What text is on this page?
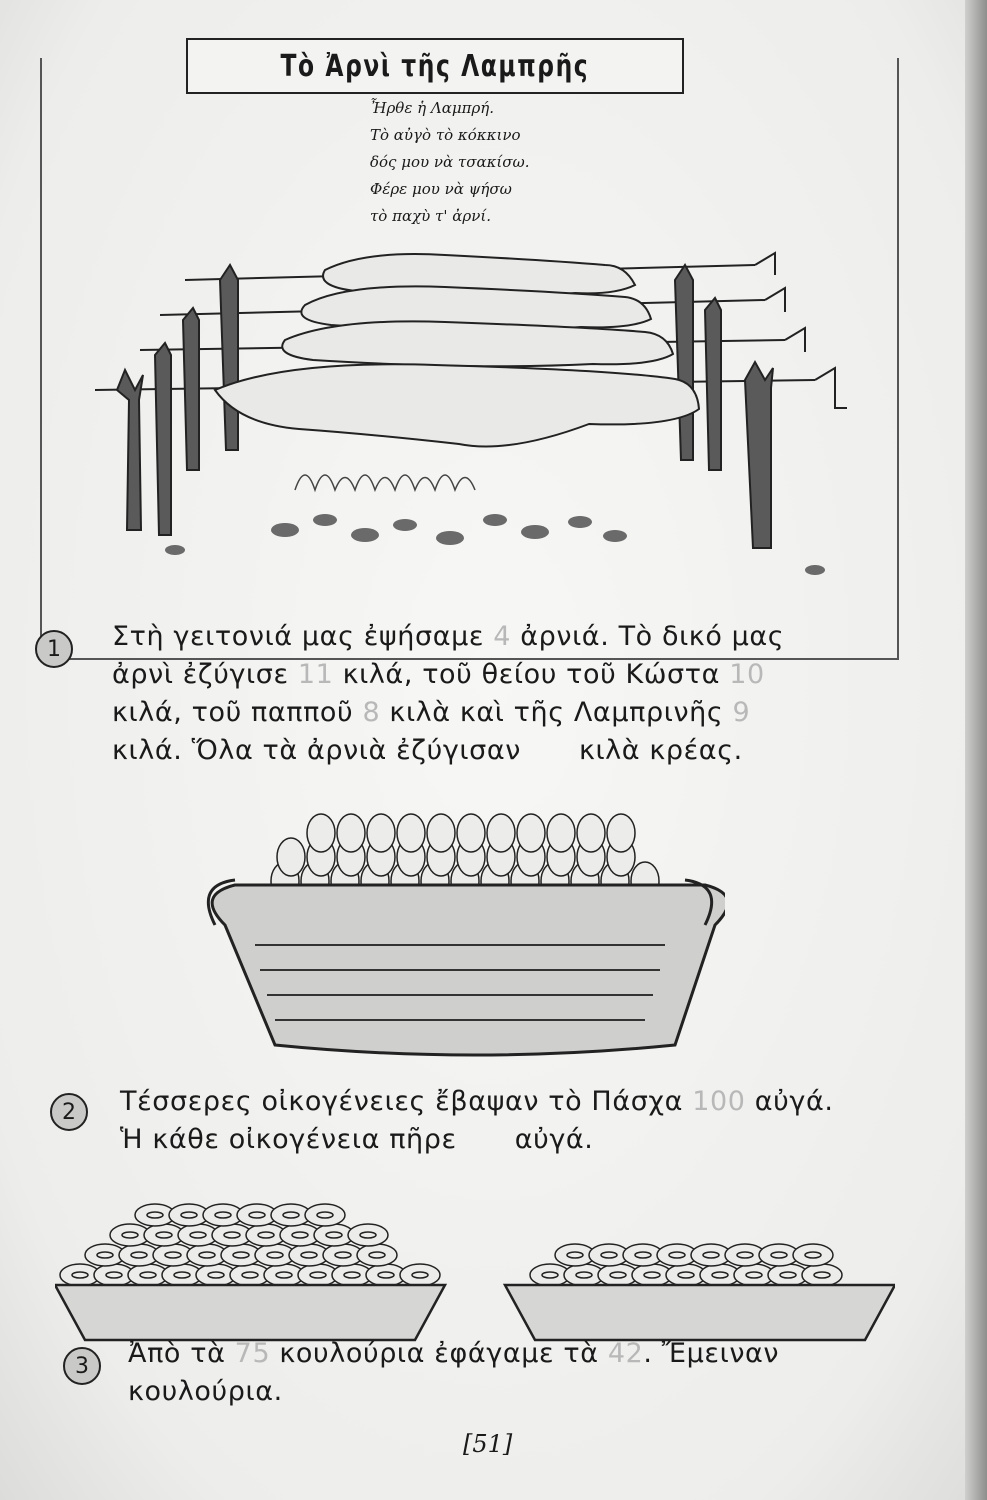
Τὸ Ἀρνὶ τῆς Λαμπρῆς
Ἦρθε ἡ Λαμπρή.
Τὸ αὐγὸ τὸ κόκκινο
δός μου νὰ τσακίσω.
Φέρε μου νὰ ψήσω
τὸ παχὺ τ' ἀρνί.
1	Στὴ γειτονιά μας ἐψήσαμε 4 ἀρνιά. Τὸ δικό μας
ἀρνὶ ἐζύγισε 11 κιλά, τοῦ θείου τοῦ Κώστα 10
κιλά, τοῦ παπποῦ 8 κιλὰ καὶ τῆς Λαμπρινῆς 9
κιλά. Ὅλα τὰ ἀρνιὰ ἐζύγισαν κιλὰ κρέας.
2	Τέσσερες οἰκογένειες ἔβαψαν τὸ Πάσχα 100 αὐγά.
Ἡ κάθε οἰκογένεια πῆρε αὐγά.
3	Ἀπὸ τὰ 75 κουλούρια ἐφάγαμε τὰ 42. Ἔμειναν
κουλούρια.
[51]
